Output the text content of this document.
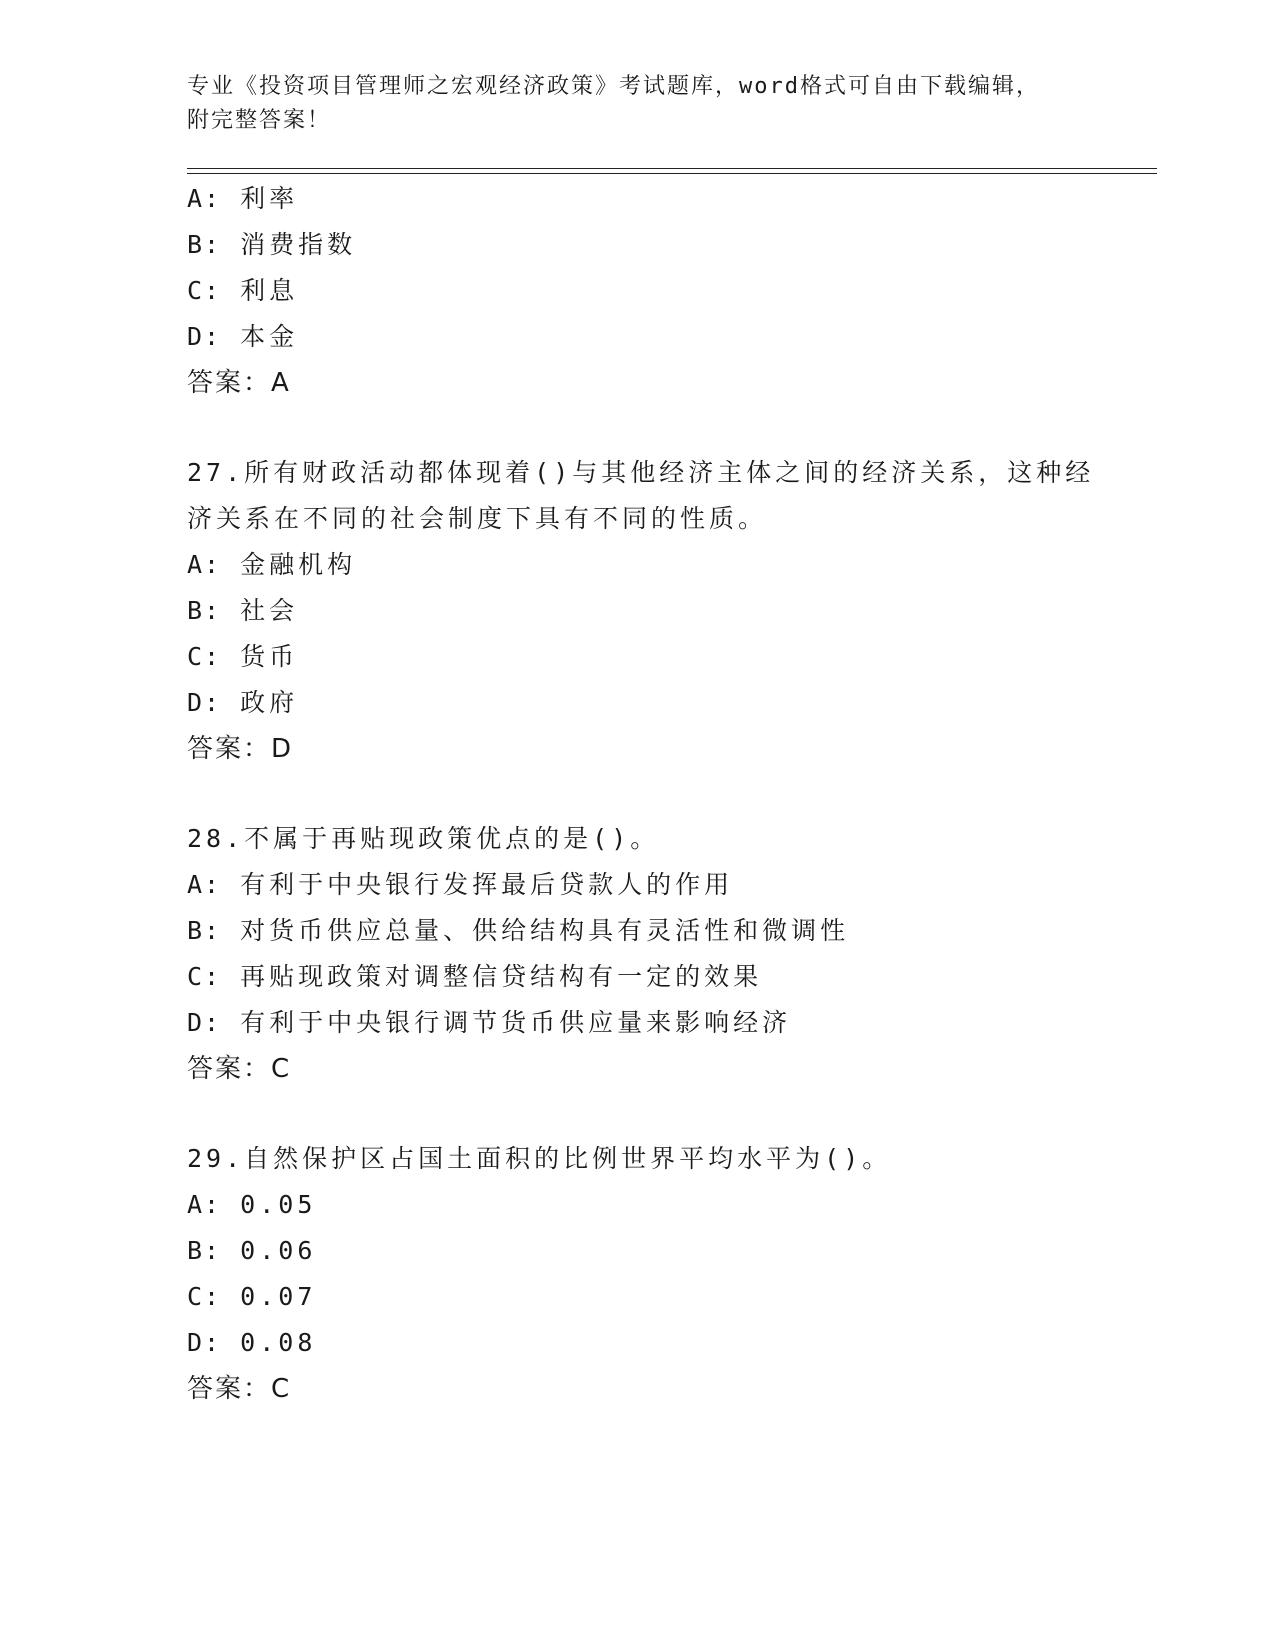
专业《投资项目管理师之宏观经济政策》考试题库，word格式可自由下载编辑，
附完整答案！
A: 利率
B: 消费指数
C: 利息
D: 本金
答案：A
27.所有财政活动都体现着()与其他经济主体之间的经济关系，这种经
济关系在不同的社会制度下具有不同的性质。
A: 金融机构
B: 社会
C: 货币
D: 政府
答案：D
28.不属于再贴现政策优点的是()。
A: 有利于中央银行发挥最后贷款人的作用
B: 对货币供应总量、供给结构具有灵活性和微调性
C: 再贴现政策对调整信贷结构有一定的效果
D: 有利于中央银行调节货币供应量来影响经济
答案：C
29.自然保护区占国土面积的比例世界平均水平为()。
A: 0.05
B: 0.06
C: 0.07
D: 0.08
答案：C
